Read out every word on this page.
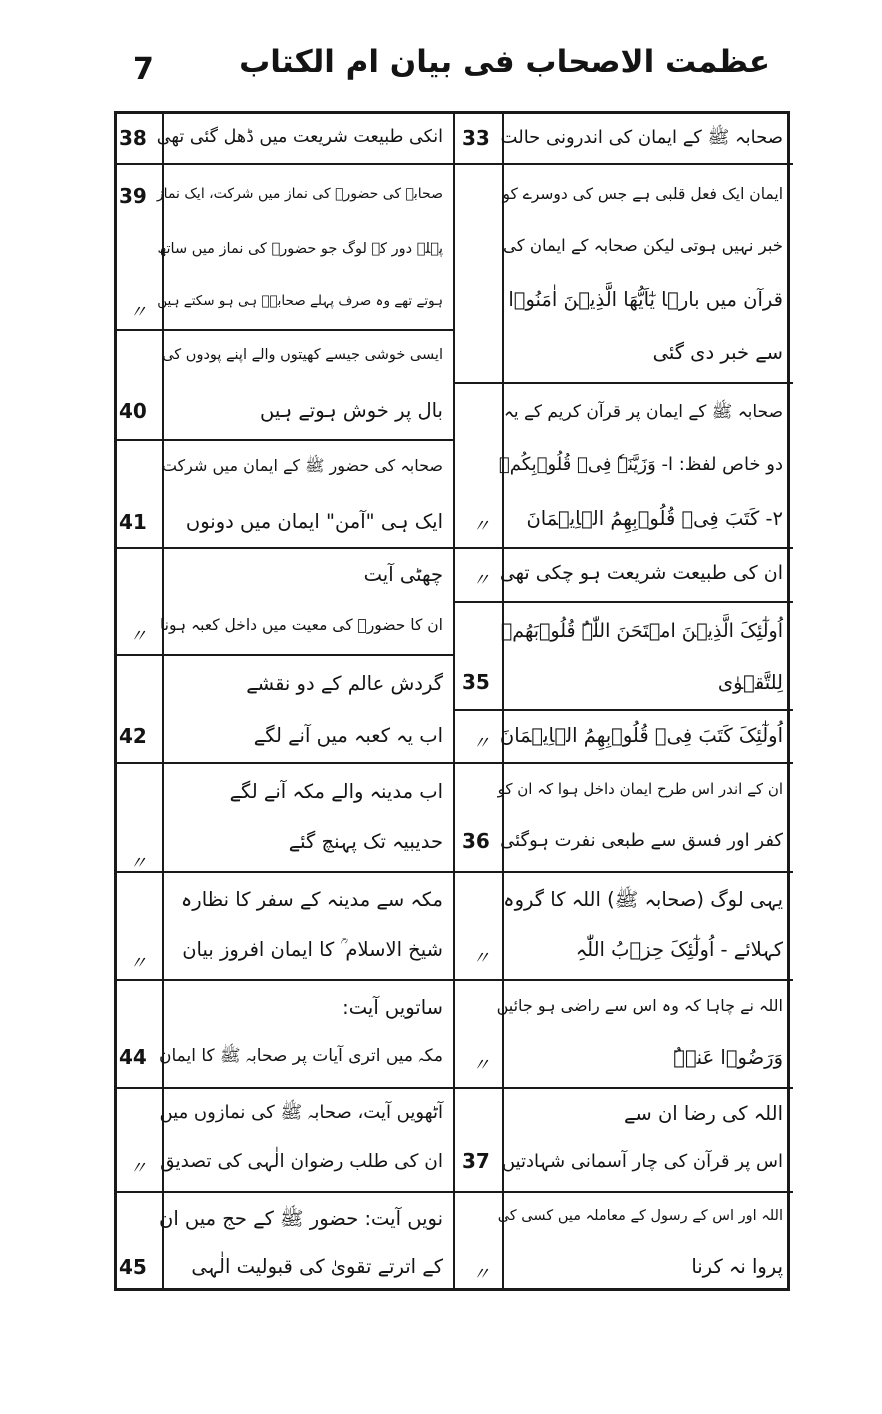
7	عظمت الاصحاب فی بیان ام الکتاب
صحابہ ﷺ کے ایمان کی اندرونی حالت
33
ایمان ایک فعل قلبی ہے جس کی دوسرے کو
خبر نہیں ہوتی لیکن صحابہ کے ایمان کی
قرآن میں بارہا یٰٓاَیُّھَا الَّذِیۡنَ اٰمَنُوۡا
سے خبر دی گئی
صحابہ ﷺ کے ایمان پر قرآن کریم کے یہ
دو خاص لفظ: ا- وَزَیَّنَہٗ فِیۡ قُلُوۡبِکُمۡ
۲- کَتَبَ فِیۡ قُلُوۡبِھِمُ الۡاِیۡمَانَ
〃
ان کی طبیعت شریعت ہو چکی تھی
〃
اُولٰٓئِکَ الَّذِیۡنَ امۡتَحَنَ اللّٰہُ قُلُوۡبَھُمۡ
لِلتَّقۡوٰی
35
اُولٰٓئِکَ کَتَبَ فِیۡ قُلُوۡبِھِمُ الۡاِیۡمَانَ
〃
ان کے اندر اس طرح ایمان داخل ہوا کہ ان کو
کفر اور فسق سے طبعی نفرت ہوگئی
36
یہی لوگ (صحابہ ﷺ) اللہ کا گروہ
کہلائے - اُولٰٓئِکَ حِزۡبُ اللّٰہِ
〃
اللہ نے چاہا کہ وہ اس سے راضی ہو جائیں
وَرَضُوۡا عَنۡہُ
〃
اللہ کی رضا ان سے
اس پر قرآن کی چار آسمانی شہادتیں
37
اللہ اور اس کے رسول کے معاملہ میں کسی کی
پروا نہ کرنا
〃
انکی طبیعت شریعت میں ڈھل گئی تھی
38
صحابہ کی حضورؐ کی نماز میں شرکت، ایک نماز
39
پہلے دور کے لوگ جو حضورؐ کی نماز میں ساتھ
ہوتے تھے وہ صرف پہلے صحابہؓ ہی ہو سکتے ہیں
〃
ایسی خوشی جیسے کھیتوں والے اپنے پودوں کی
بال پر خوش ہوتے ہیں
40
صحابہ کی حضور ﷺ کے ایمان میں شرکت
ایک ہی "آمن" ایمان میں دونوں
41
چھٹی آیت
ان کا حضورؐ کی معیت میں داخل کعبہ ہونا
〃
گردش عالم کے دو نقشے
اب یہ کعبہ میں آنے لگے
42
اب مدینہ والے مکہ آنے لگے
حدیبیہ تک پہنچ گئے
〃
مکہ سے مدینہ کے سفر کا نظارہ
شیخ الاسلام ؒ کا ایمان افروز بیان
〃
ساتویں آیت:
مکہ میں اتری آیات پر صحابہ ﷺ کا ایمان
44
آٹھویں آیت، صحابہ ﷺ کی نمازوں میں
ان کی طلب رضوان الٰہی کی تصدیق
〃
نویں آیت: حضور ﷺ کے حج میں ان
کے اترتے تقویٰ کی قبولیت الٰہی
45
